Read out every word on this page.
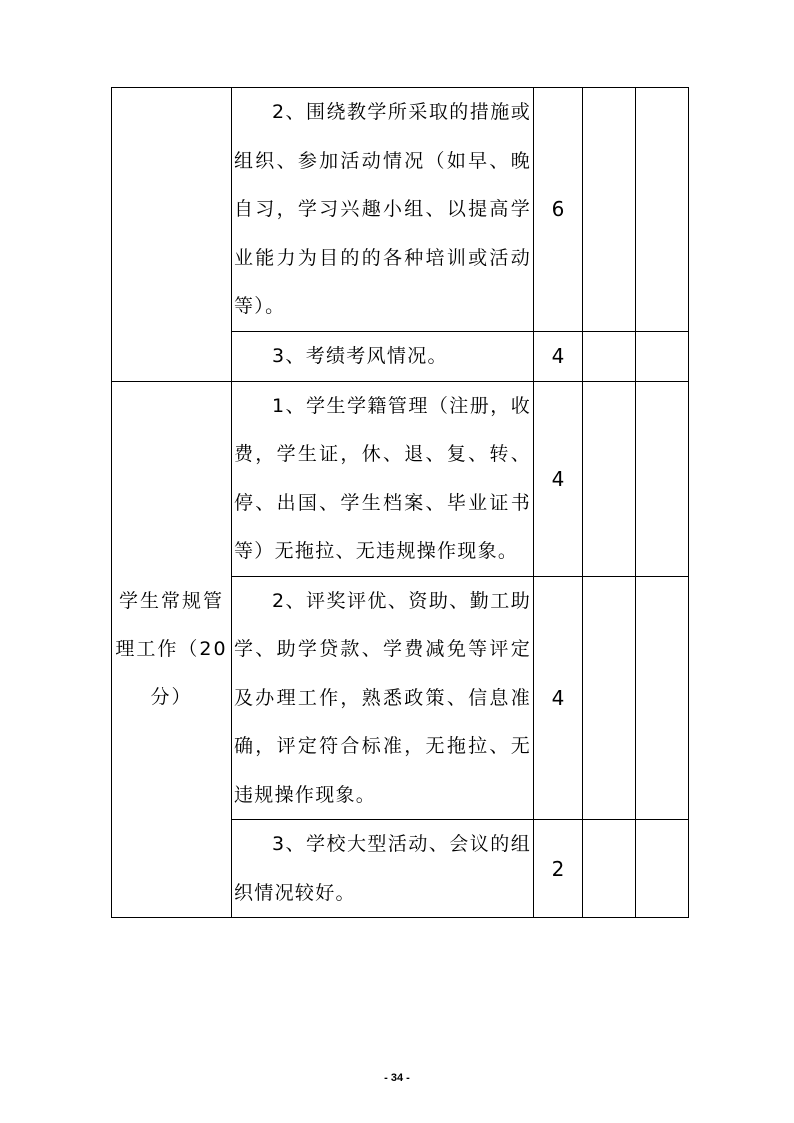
	2、围绕教学所采取的措施或组织、参加活动情况（如早、晚自习，学习兴趣小组、以提高学业能力为目的的各种培训或活动等）。	6		
	3、考绩考风情况。	4		
学生常规管理工作（20分）	1、学生学籍管理（注册，收费，学生证，休、退、复、转、停、出国、学生档案、毕业证书等）无拖拉、无违规操作现象。	4		
	2、评奖评优、资助、勤工助学、助学贷款、学费减免等评定及办理工作，熟悉政策、信息准确，评定符合标准，无拖拉、无违规操作现象。	4		
	3、学校大型活动、会议的组织情况较好。	2		
- 34 -
